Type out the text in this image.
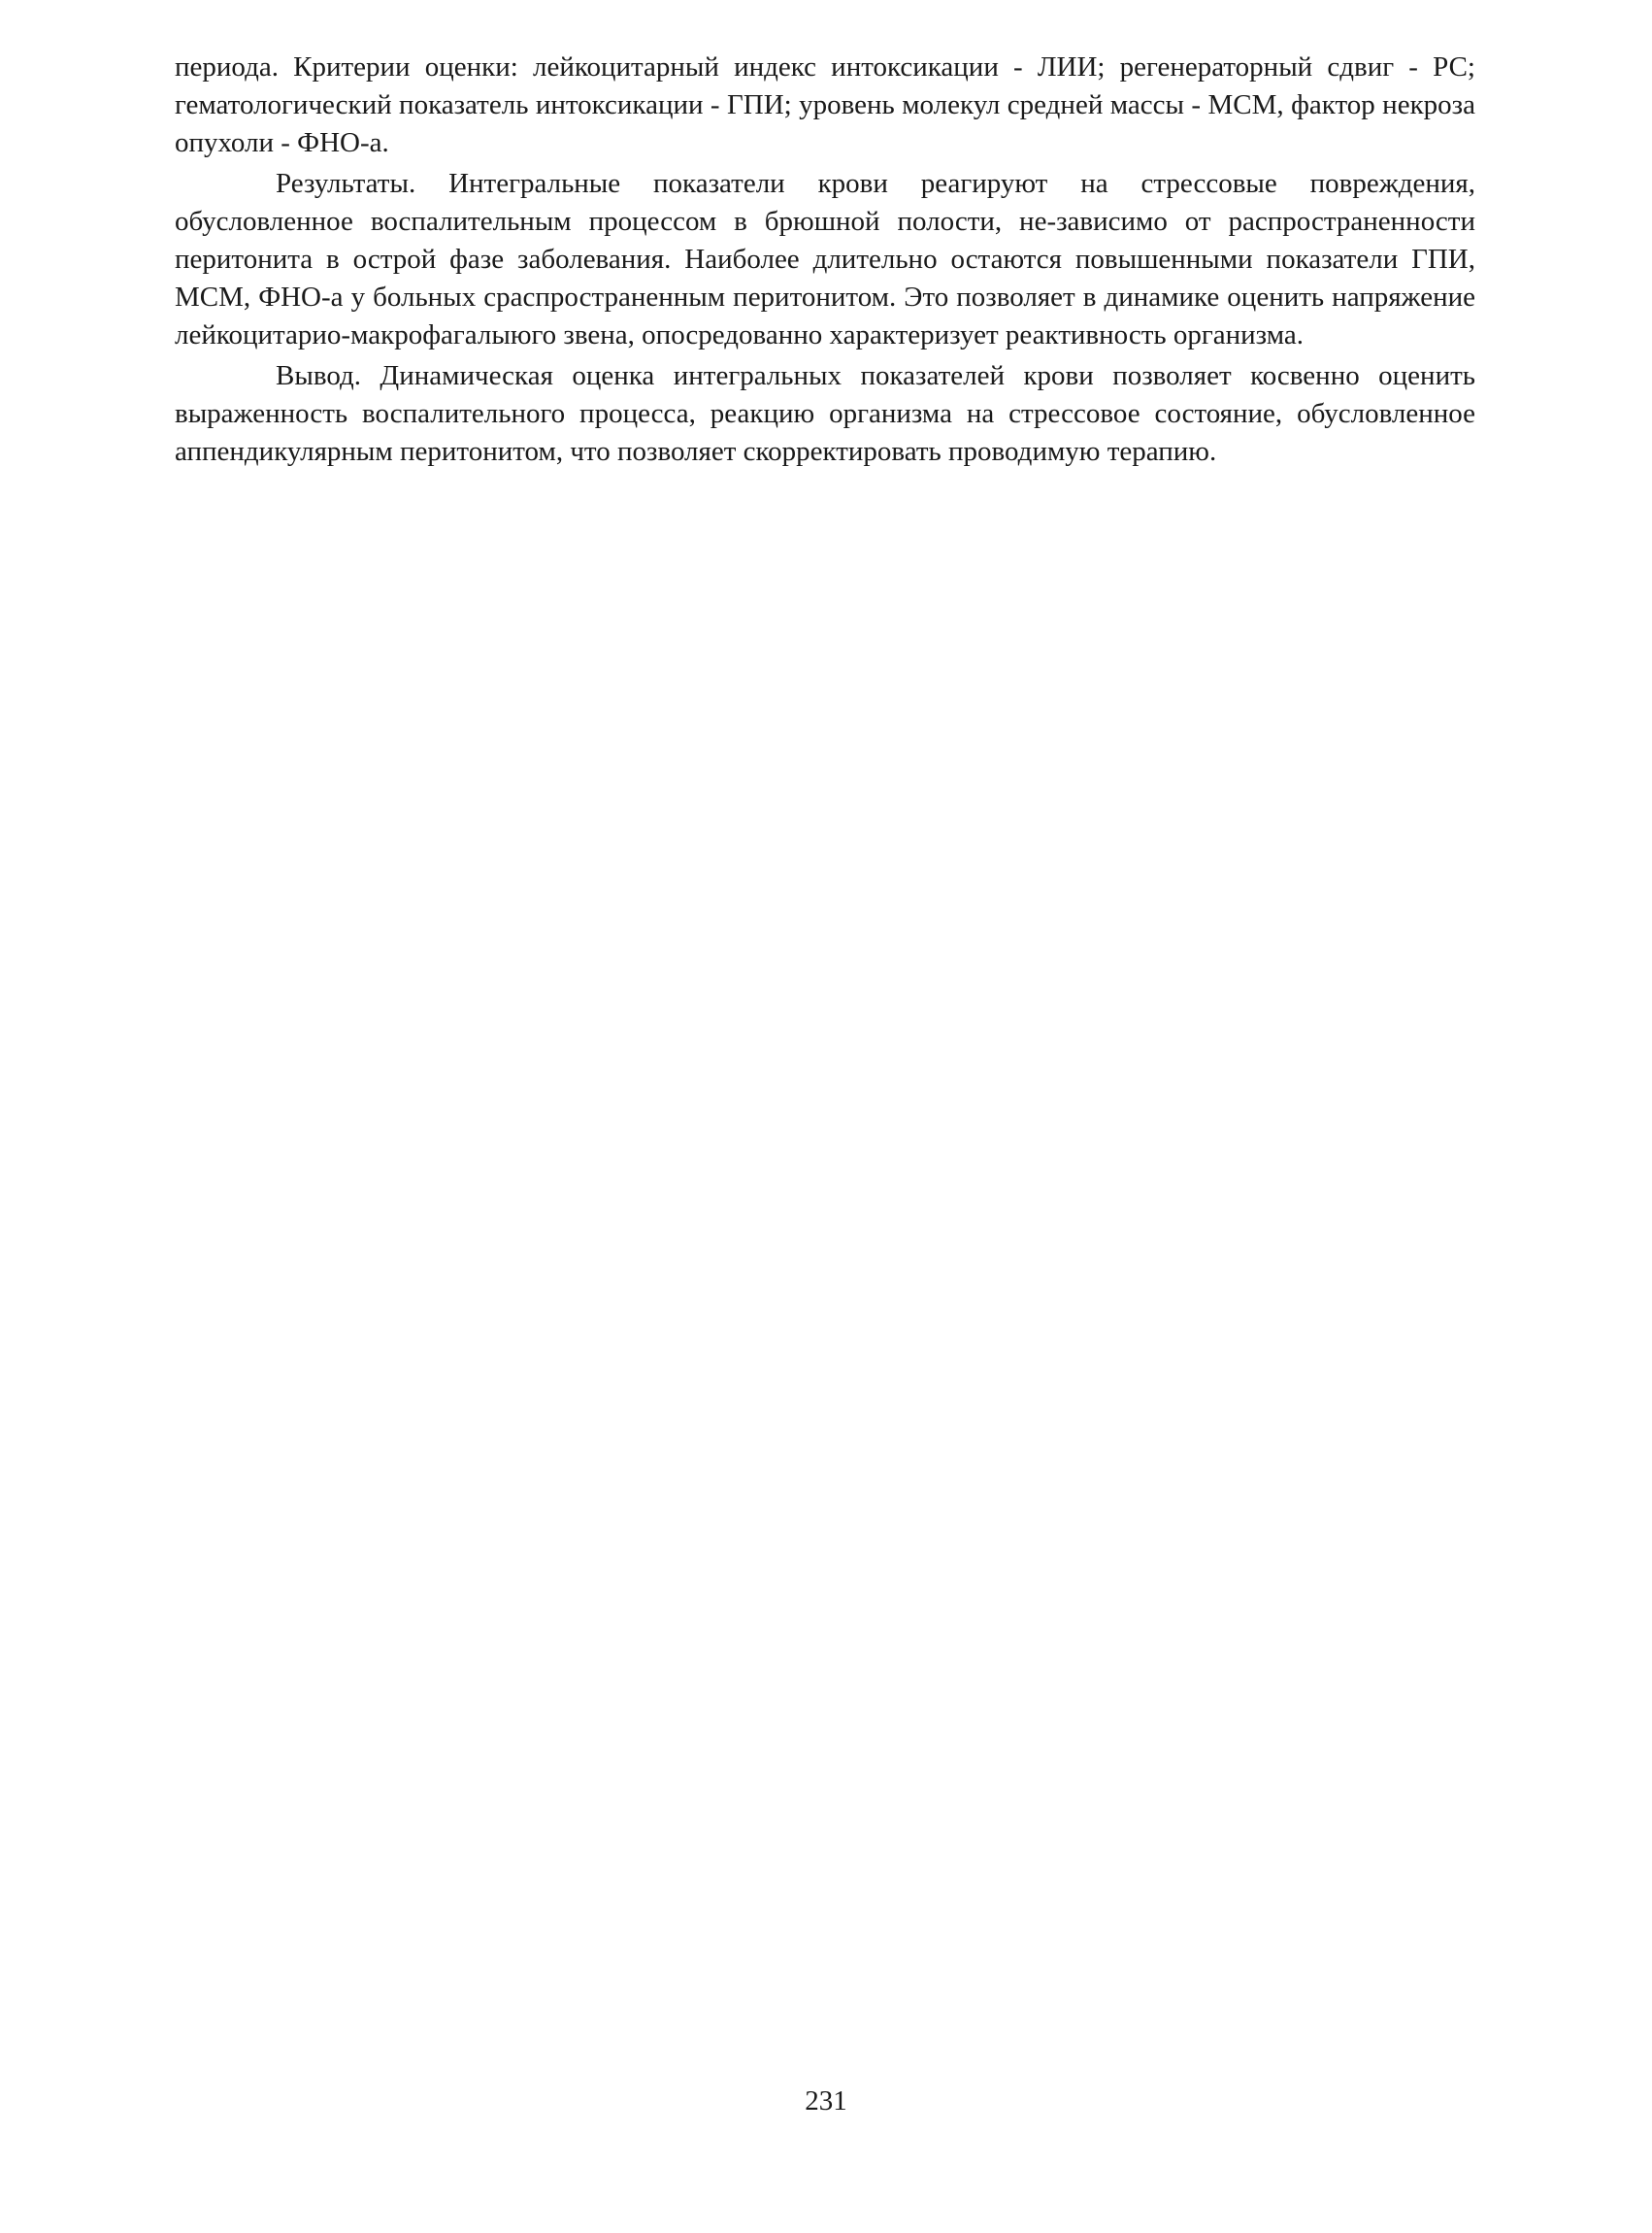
периода. Критерии оценки: лейкоцитарный индекс интоксикации - ЛИИ; регенераторный сдвиг - РС; гематологический показатель интоксикации - ГПИ; уровень молекул средней массы - МСМ, фактор некроза опухоли - ФНО-а.

Результаты. Интегральные показатели крови реагируют на стрессовые повреждения, обусловленное воспалительным процессом в брюшной полости, не-зависимо от распространенности перитонита в острой фазе заболевания. Наиболее длительно остаются повышенными показатели ГПИ, МСМ, ФНО-а у больных сраспространенным перитонитом. Это позволяет в динамике оценить напряжение лейкоцитарио-макрофагалыюго звена, опосредованно характеризует реактивность организма.

Вывод. Динамическая оценка интегральных показателей крови позволяет косвенно оценить выраженность воспалительного процесса, реакцию организма на стрессовое состояние, обусловленное аппендикулярным перитонитом, что позволяет скорректировать проводимую терапию.

231
